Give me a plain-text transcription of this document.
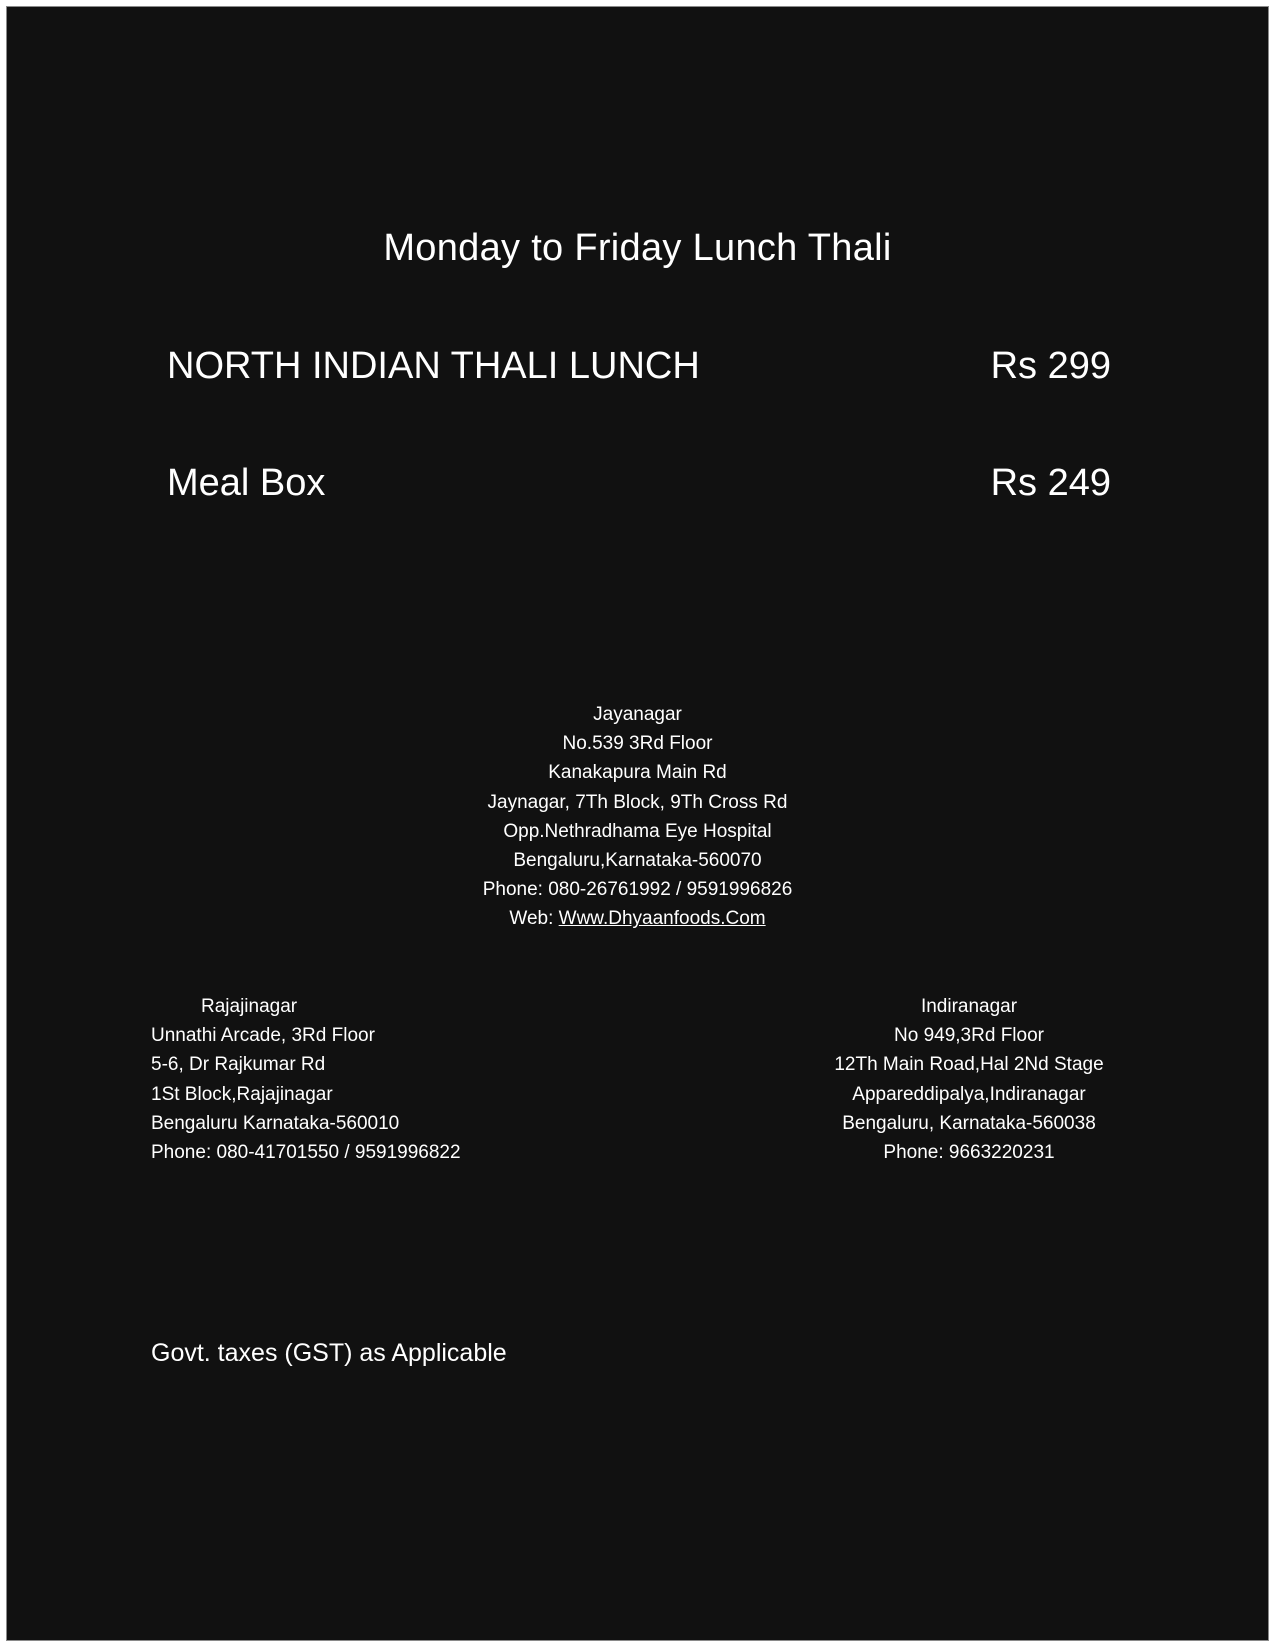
Monday to Friday Lunch Thali
NORTH INDIAN THALI LUNCH	Rs 299
Meal Box	Rs 249
Jayanagar
No.539 3Rd Floor
Kanakapura Main Rd
Jaynagar, 7Th Block, 9Th Cross Rd
Opp.Nethradhama Eye Hospital
Bengaluru,Karnataka-560070
Phone: 080-26761992 / 9591996826
Web: Www.Dhyaanfoods.Com
Rajajinagar
Unnathi Arcade, 3Rd Floor
5-6, Dr Rajkumar Rd
1St Block,Rajajinagar
Bengaluru Karnataka-560010
Phone: 080-41701550 / 9591996822
Indiranagar
No 949,3Rd Floor
12Th Main Road,Hal 2Nd Stage
Appareddipalya,Indiranagar
Bengaluru, Karnataka-560038
Phone: 9663220231
Govt. taxes (GST) as Applicable
